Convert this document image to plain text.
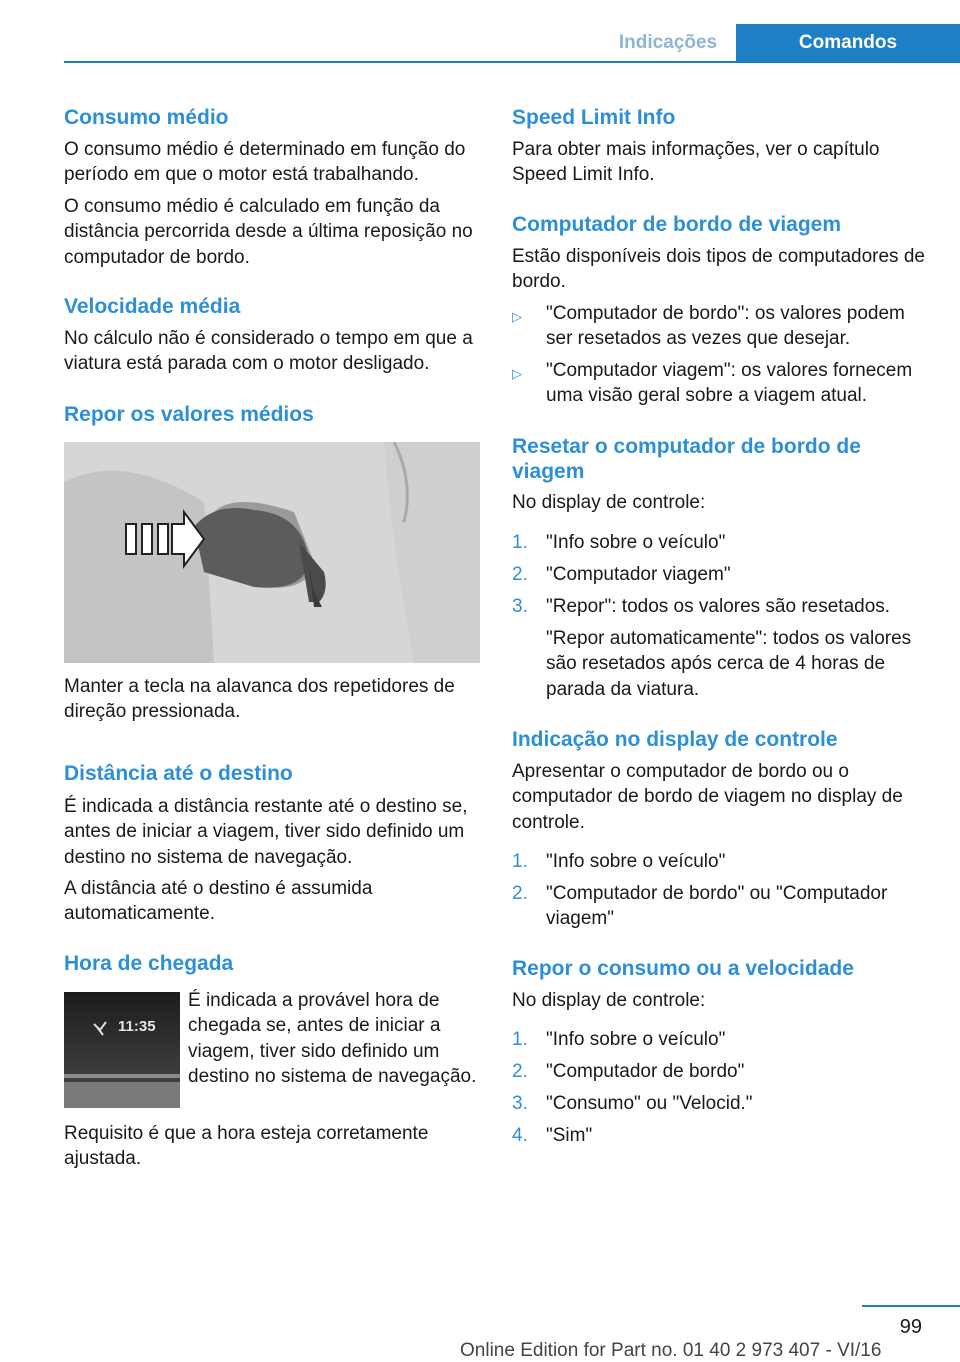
Indicações	Comandos
Consumo médio

O consumo médio é determinado em função do período em que o motor está trabalhando.

O consumo médio é calculado em função da distância percorrida desde a última reposição no computador de bordo.

Velocidade média

No cálculo não é considerado o tempo em que a viatura está parada com o motor desligado.

Repor os valores médios

Manter a tecla na alavanca dos repetidores de direção pressionada.

Distância até o destino

É indicada a distância restante até o destino se, antes de iniciar a viagem, tiver sido definido um destino no sistema de navegação.

A distância até o destino é assumida automaticamente.

Hora de chegada
11:35

É indicada a provável hora de chegada se, antes de iniciar a viagem, tiver sido definido um destino no sistema de navegação.

Requisito é que a hora esteja corretamente ajustada.

Speed Limit Info

Para obter mais informações, ver o capítulo Speed Limit Info.

Computador de bordo de viagem

Estão disponíveis dois tipos de computadores de bordo.

▷ "Computador de bordo": os valores podem ser resetados as vezes que desejar.
▷ "Computador viagem": os valores fornecem uma visão geral sobre a viagem atual.
Resetar o computador de bordo de viagem

No display de controle:

1. "Info sobre o veículo"
2. "Computador viagem"
3. "Repor": todos os valores são resetados.
"Repor automaticamente": todos os valores são resetados após cerca de 4 horas de parada da viatura.
Indicação no display de controle

Apresentar o computador de bordo ou o computador de bordo de viagem no display de controle.

1. "Info sobre o veículo"
2. "Computador de bordo" ou "Computador viagem"
Repor o consumo ou a velocidade

No display de controle:

1. "Info sobre o veículo"
2. "Computador de bordo"
3. "Consumo" ou "Velocid."
4. "Sim"
99
Online Edition for Part no. 01 40 2 973 407 - VI/16
